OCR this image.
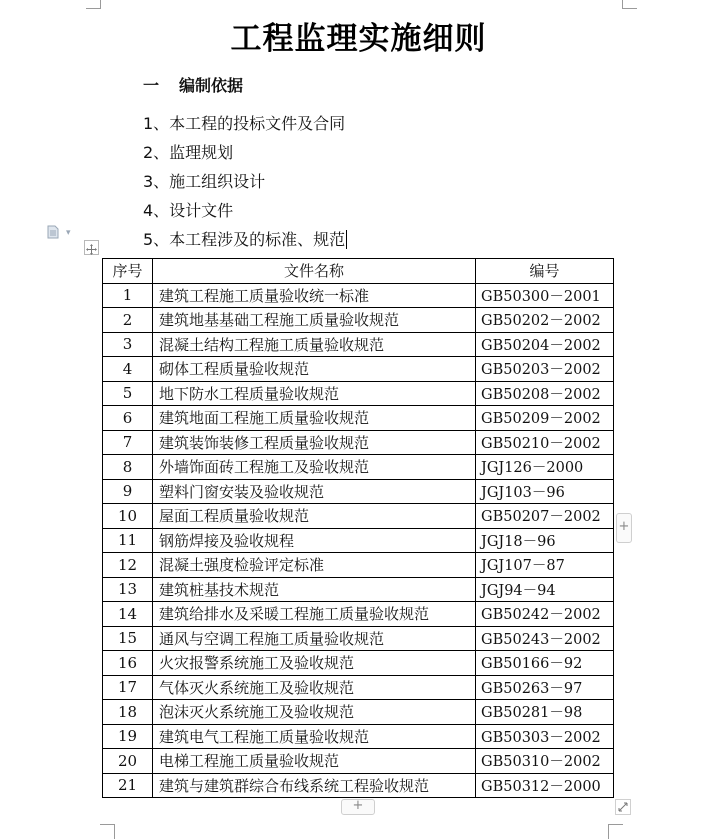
工程监理实施细则
一 编制依据
1、本工程的投标文件及合同
2、监理规划
3、施工组织设计
4、设计文件
5、本工程涉及的标准、规范
▾
序号	文件名称	编号
1	建筑工程施工质量验收统一标准	GB50300－2001
2	建筑地基基础工程施工质量验收规范	GB50202－2002
3	混凝土结构工程施工质量验收规范	GB50204－2002
4	砌体工程质量验收规范	GB50203－2002
5	地下防水工程质量验收规范	GB50208－2002
6	建筑地面工程施工质量验收规范	GB50209－2002
7	建筑装饰装修工程质量验收规范	GB50210－2002
8	外墙饰面砖工程施工及验收规范	JGJ126－2000
9	塑料门窗安装及验收规范	JGJ103－96
10	屋面工程质量验收规范	GB50207－2002
11	钢筋焊接及验收规程	JGJ18－96
12	混凝土强度检验评定标准	JGJ107－87
13	建筑桩基技术规范	JGJ94－94
14	建筑给排水及采暖工程施工质量验收规范	GB50242－2002
15	通风与空调工程施工质量验收规范	GB50243－2002
16	火灾报警系统施工及验收规范	GB50166－92
17	气体灭火系统施工及验收规范	GB50263－97
18	泡沫灭火系统施工及验收规范	GB50281－98
19	建筑电气工程施工质量验收规范	GB50303－2002
20	电梯工程施工质量验收规范	GB50310－2002
21	建筑与建筑群综合布线系统工程验收规范	GB50312－2000
+
+
